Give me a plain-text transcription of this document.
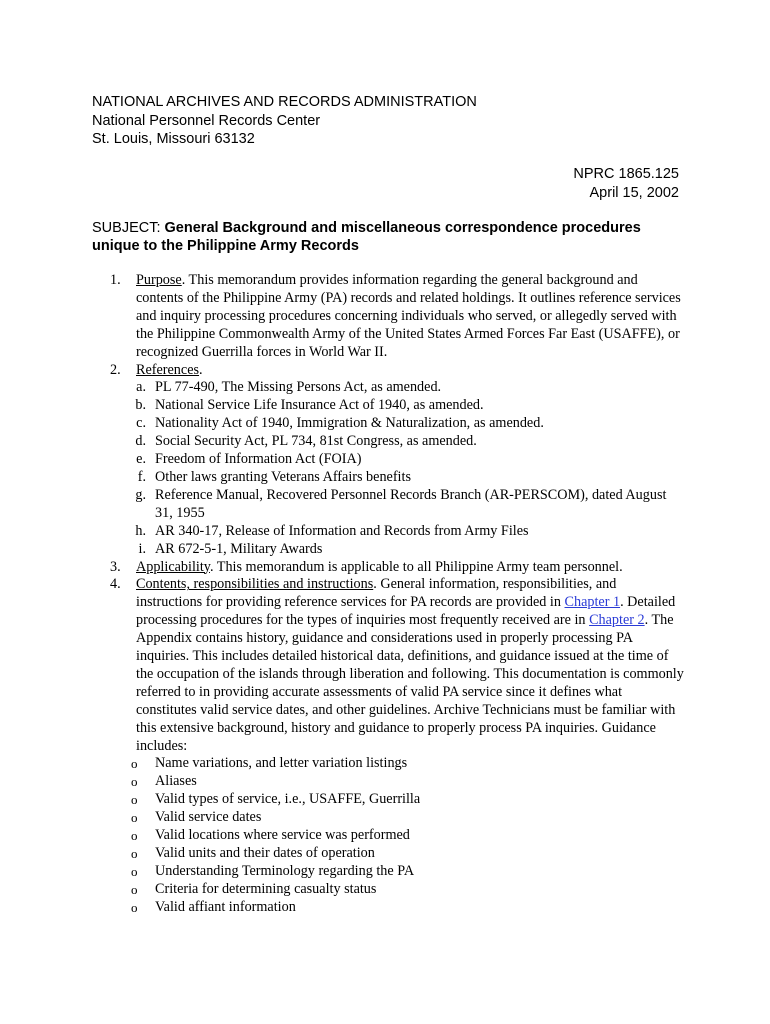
NATIONAL ARCHIVES AND RECORDS ADMINISTRATION
National Personnel Records Center
St. Louis, Missouri 63132
NPRC 1865.125
April 15, 2002
SUBJECT: General Background and miscellaneous correspondence procedures unique to the Philippine Army Records
1. Purpose. This memorandum provides information regarding the general background and contents of the Philippine Army (PA) records and related holdings. It outlines reference services and inquiry processing procedures concerning individuals who served, or allegedly served with the Philippine Commonwealth Army of the United States Armed Forces Far East (USAFFE), or recognized Guerrilla forces in World War II.
2. References.
a. PL 77-490, The Missing Persons Act, as amended.
b. National Service Life Insurance Act of 1940, as amended.
c. Nationality Act of 1940, Immigration & Naturalization, as amended.
d. Social Security Act, PL 734, 81st Congress, as amended.
e. Freedom of Information Act (FOIA)
f. Other laws granting Veterans Affairs benefits
g. Reference Manual, Recovered Personnel Records Branch (AR-PERSCOM), dated August 31, 1955
h. AR 340-17, Release of Information and Records from Army Files
i. AR 672-5-1, Military Awards
3. Applicability. This memorandum is applicable to all Philippine Army team personnel.
4. Contents, responsibilities and instructions. General information, responsibilities, and instructions for providing reference services for PA records are provided in Chapter 1. Detailed processing procedures for the types of inquiries most frequently received are in Chapter 2. The Appendix contains history, guidance and considerations used in properly processing PA inquiries. This includes detailed historical data, definitions, and guidance issued at the time of the occupation of the islands through liberation and following. This documentation is commonly referred to in providing accurate assessments of valid PA service since it defines what constitutes valid service dates, and other guidelines. Archive Technicians must be familiar with this extensive background, history and guidance to properly process PA inquiries. Guidance includes:
o Name variations, and letter variation listings
o Aliases
o Valid types of service, i.e., USAFFE, Guerrilla
o Valid service dates
o Valid locations where service was performed
o Valid units and their dates of operation
o Understanding Terminology regarding the PA
o Criteria for determining casualty status
o Valid affiant information
